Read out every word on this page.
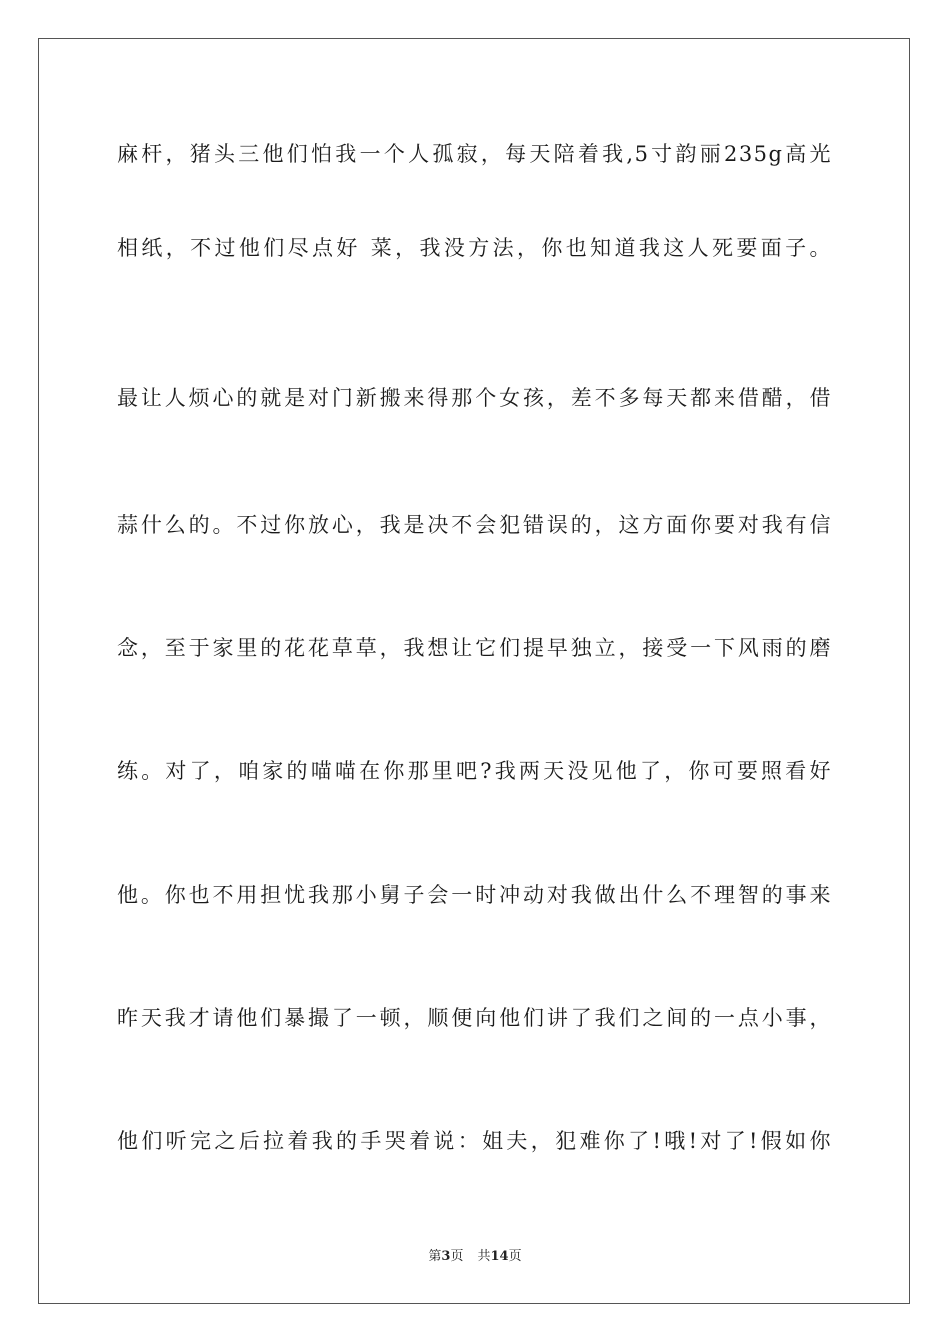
麻杆，猪头三他们怕我一个人孤寂，每天陪着我,5寸韵丽235g高光
相纸，不过他们尽点好 菜，我没方法，你也知道我这人死要面子。
最让人烦心的就是对门新搬来得那个女孩，差不多每天都来借醋，借
蒜什么的。不过你放心，我是决不会犯错误的，这方面你要对我有信
念，至于家里的花花草草，我想让它们提早独立，接受一下风雨的磨
练。对了，咱家的喵喵在你那里吧?我两天没见他了，你可要照看好
他。你也不用担忧我那小舅子会一时冲动对我做出什么不理智的事来
昨天我才请他们暴撮了一顿，顺便向他们讲了我们之间的一点小事，
他们听完之后拉着我的手哭着说：姐夫，犯难你了!哦!对了!假如你
第3页 共14页
